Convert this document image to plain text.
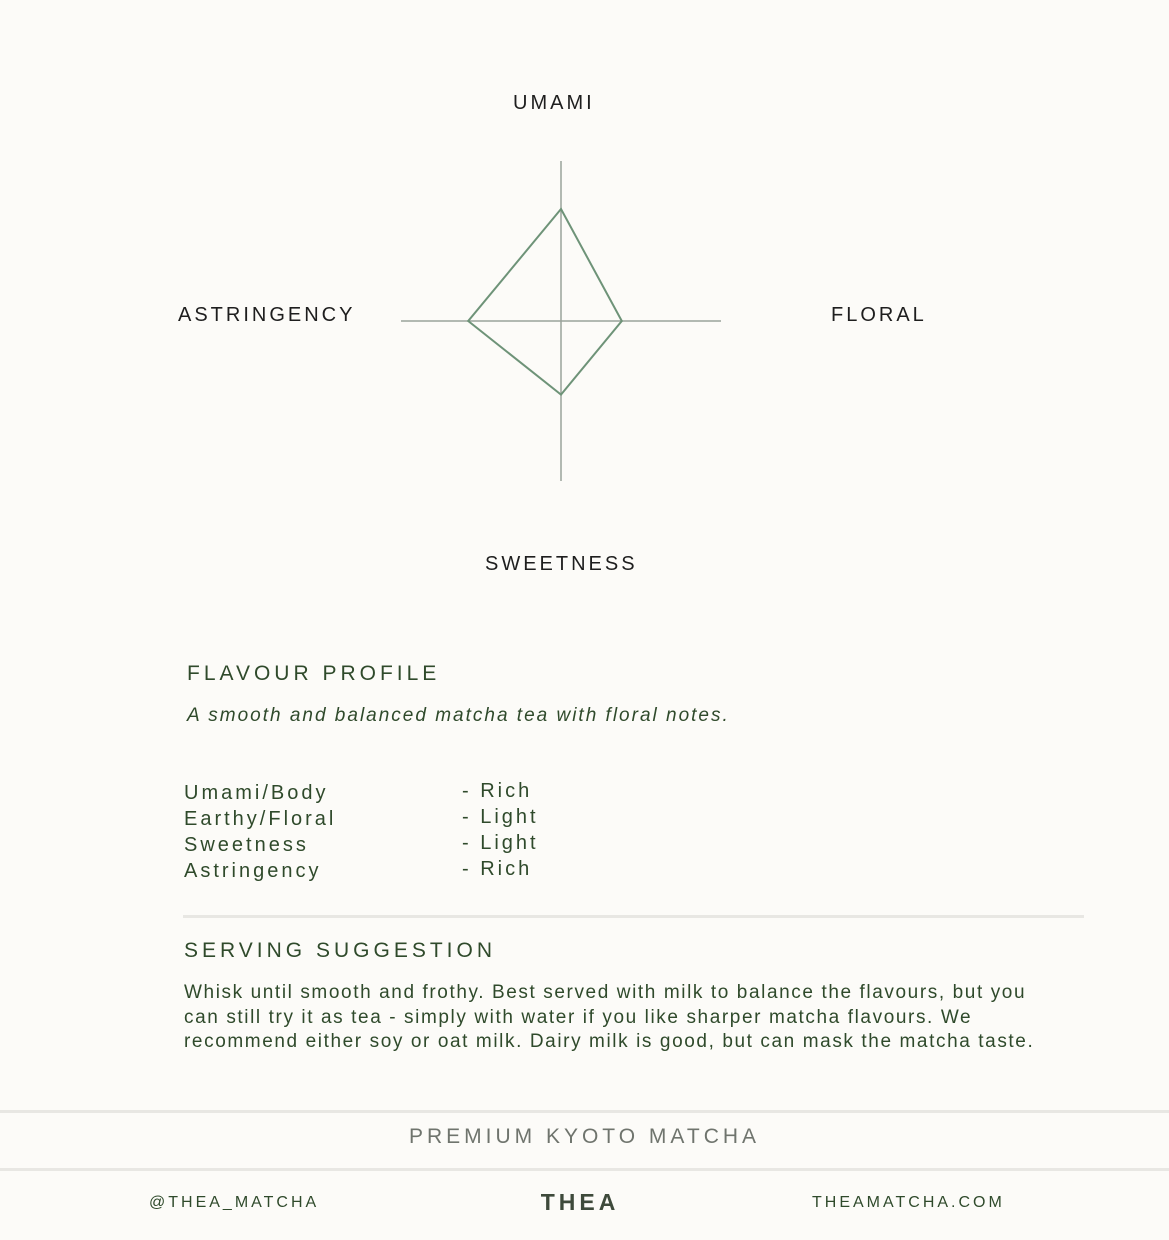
UMAMI
FLORAL
SWEETNESS
ASTRINGENCY
FLAVOUR PROFILE
A smooth and balanced matcha tea with floral notes.
Umami/Body	- Rich
Earthy/Floral	- Light
Sweetness	- Light
Astringency	- Rich
SERVING SUGGESTION
Whisk until smooth and frothy. Best served with milk to balance the flavours, but you can still try it as tea - simply with water if you like sharper matcha flavours. We recommend either soy or oat milk. Dairy milk is good, but can mask the matcha taste.
PREMIUM KYOTO MATCHA
@THEA_MATCHA	THEA	THEAMATCHA.COM
